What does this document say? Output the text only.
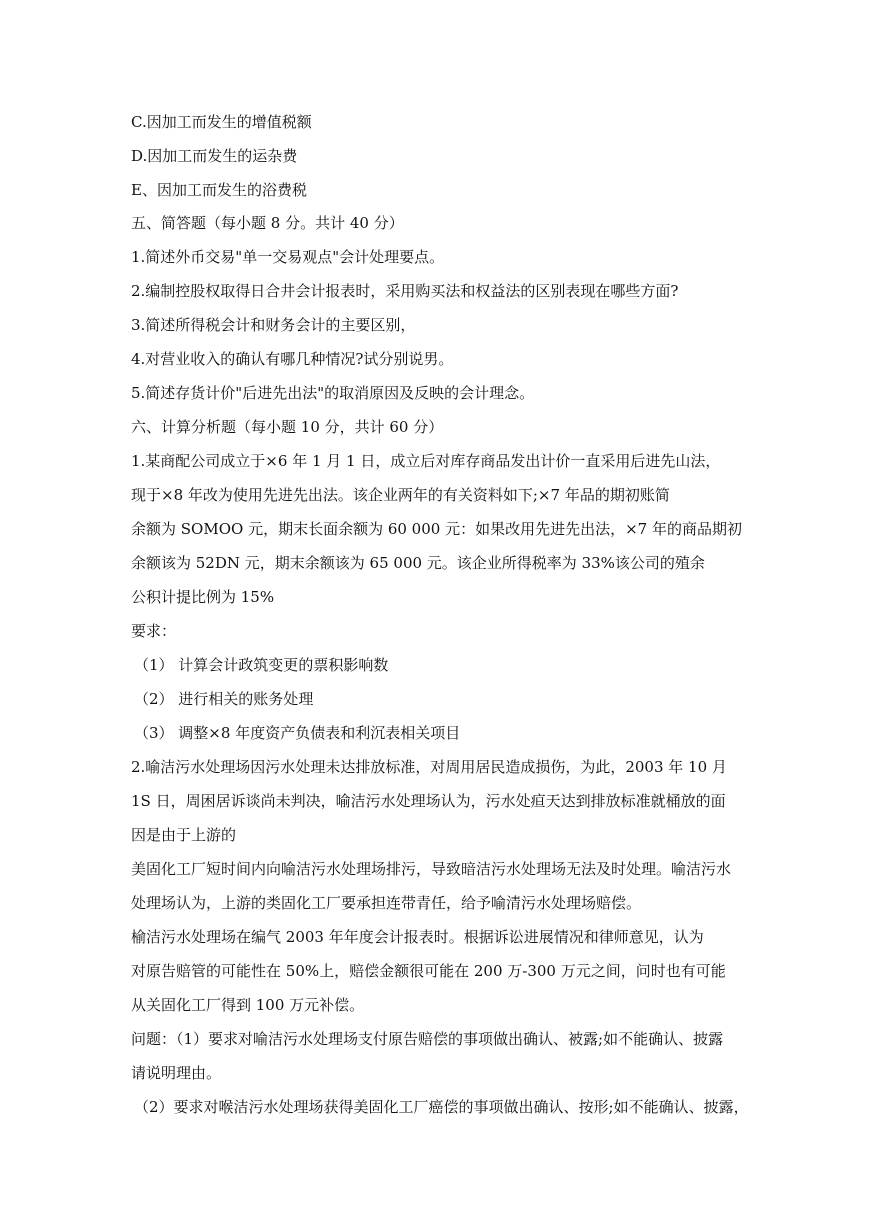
C.因加工而发生的增值税额
D.因加工而发生的运杂费
E、因加工而发生的浴费税
五、简答题（每小题 8 分。共计 40 分）
1.简述外币交易"单一交易观点"会计处理要点。
2.编制控股权取得日合井会计报表时，采用购买法和权益法的区别表现在哪些方面?
3.简述所得税会计和财务会计的主要区别，
4.对营业收入的确认有哪几种情况?试分别说男。
5.简述存货计价"后进先出法"的取消原因及反映的会计理念。
六、计算分析题（每小题 10 分，共计 60 分）
1.某商配公司成立于×6 年 1 月 1 日，成立后对库存商品发出计价一直采用后进先山法，
现于×8 年改为使用先进先出法。该企业两年的有关资料如下;×7 年品的期初账简
余额为 SOMOO 元，期末长面余额为 60 000 元：如果改用先进先出法，×7 年的商品期初
余额该为 52DN 元，期末余额该为 65 000 元。该企业所得税率为 33%该公司的殖余
公积计提比例为 15%
要求：
（1） 计算会计政筑变更的票积影响数
（2） 进行相关的账务处理
（3） 调整×8 年度资产负债表和利沉表相关项目
2.喻洁污水处理场因污水处理未达排放标准，对周用居民造成损伤，为此，2003 年 10 月
1S 日，周困居诉谈尚未判决，喻洁污水处理场认为，污水处疸天达到排放标准就桶放的面
因是由于上游的
美固化工厂短时间内向喻洁污水处理场排污，导致暗洁污水处理场无法及时处理。喻洁污水
处理场认为，上游的类固化工厂要承担连带青任，给予喻清污水处理场赔偿。
榆洁污水处理场在编气 2003 年年度会计报表时。根据诉讼进展情况和律师意见，认为
对原告赔管的可能性在 50%上，赔偿金额很可能在 200 万-300 万元之间，问时也有可能
从关固化工厂得到 100 万元补偿。
问题：（1）要求对喻洁污水处理场支付原告赔偿的事项做出确认、被露;如不能确认、披露
请说明理由。
（2）要求对喉洁污水处理场获得美固化工厂癌偿的事项做出确认、按形;如不能确认、披露，
